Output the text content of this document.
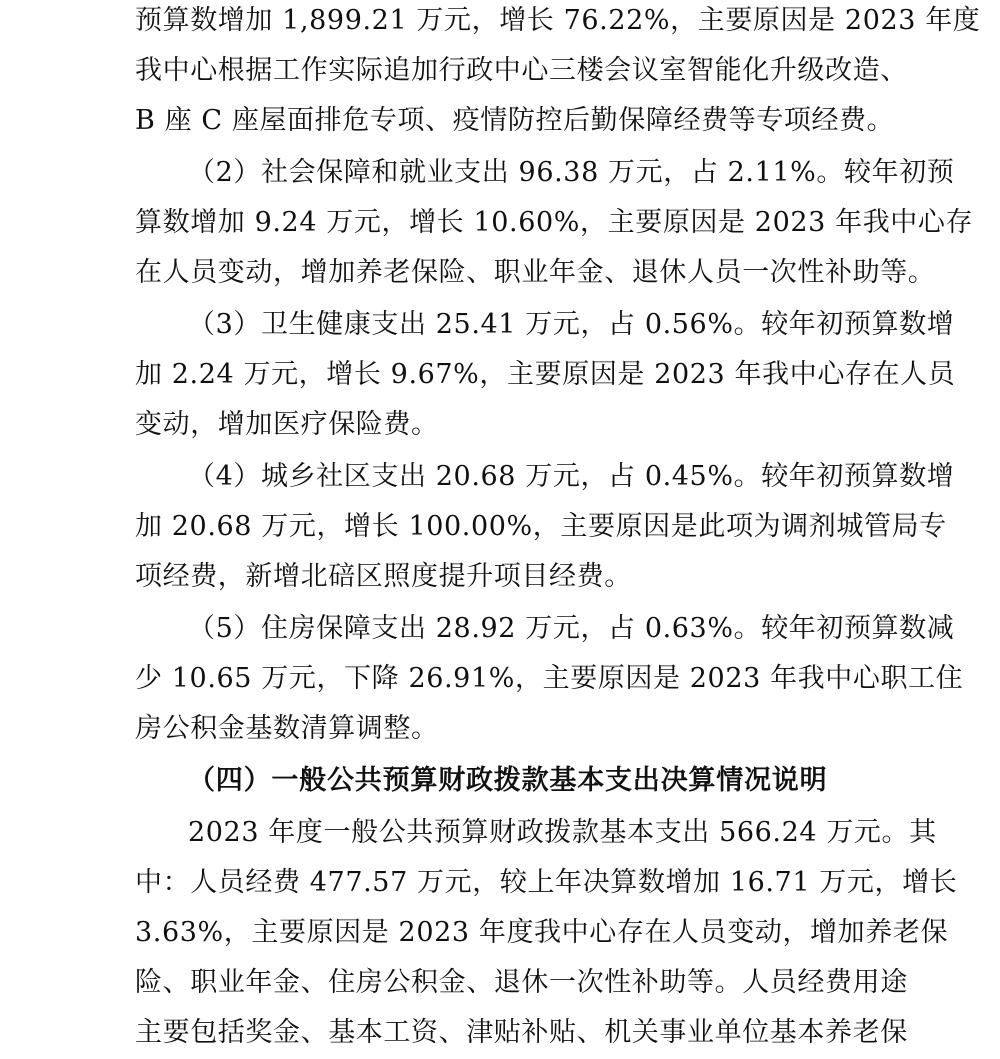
预算数增加 1,899.21 万元，增长 76.22%，主要原因是 2023 年度
我中心根据工作实际追加行政中心三楼会议室智能化升级改造、
B 座 C 座屋面排危专项、疫情防控后勤保障经费等专项经费。
（2）社会保障和就业支出 96.38 万元，占 2.11%。较年初预
算数增加 9.24 万元，增长 10.60%，主要原因是 2023 年我中心存
在人员变动，增加养老保险、职业年金、退休人员一次性补助等。
（3）卫生健康支出 25.41 万元，占 0.56%。较年初预算数增
加 2.24 万元，增长 9.67%，主要原因是 2023 年我中心存在人员
变动，增加医疗保险费。
（4）城乡社区支出 20.68 万元，占 0.45%。较年初预算数增
加 20.68 万元，增长 100.00%，主要原因是此项为调剂城管局专
项经费，新增北碚区照度提升项目经费。
（5）住房保障支出 28.92 万元，占 0.63%。较年初预算数减
少 10.65 万元，下降 26.91%，主要原因是 2023 年我中心职工住
房公积金基数清算调整。
（四）一般公共预算财政拨款基本支出决算情况说明
2023 年度一般公共预算财政拨款基本支出 566.24 万元。其
中：人员经费 477.57 万元，较上年决算数增加 16.71 万元，增长
3.63%，主要原因是 2023 年度我中心存在人员变动，增加养老保
险、职业年金、住房公积金、退休一次性补助等。人员经费用途
主要包括奖金、基本工资、津贴补贴、机关事业单位基本养老保
